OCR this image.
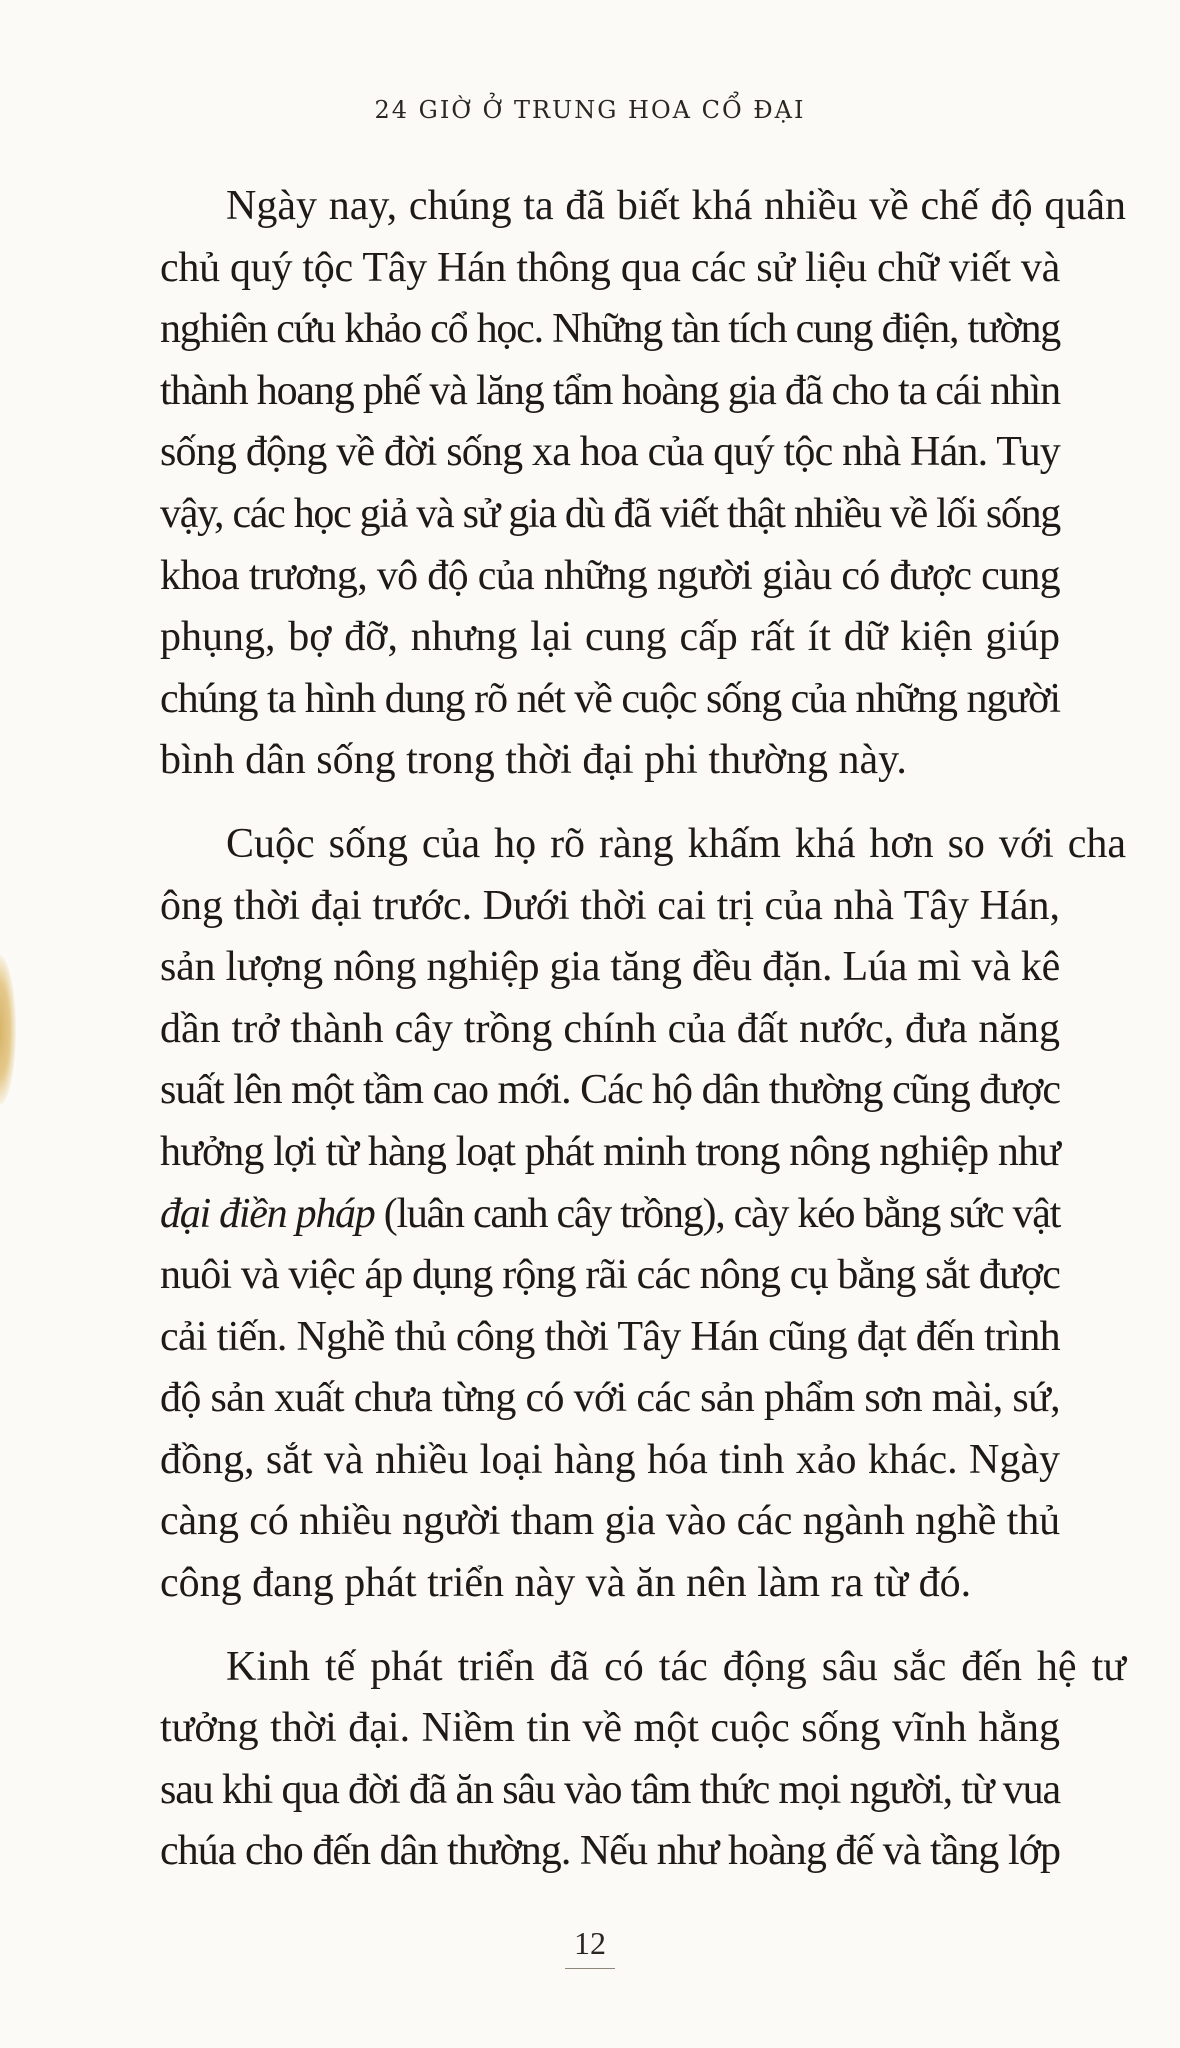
24 GIỜ Ở TRUNG HOA CỔ ĐẠI
Ngày nay, chúng ta đã biết khá nhiều về chế độ quân
chủ quý tộc Tây Hán thông qua các sử liệu chữ viết và
nghiên cứu khảo cổ học. Những tàn tích cung điện, tường
thành hoang phế và lăng tẩm hoàng gia đã cho ta cái nhìn
sống động về đời sống xa hoa của quý tộc nhà Hán. Tuy
vậy, các học giả và sử gia dù đã viết thật nhiều về lối sống
khoa trương, vô độ của những người giàu có được cung
phụng, bợ đỡ, nhưng lại cung cấp rất ít dữ kiện giúp
chúng ta hình dung rõ nét về cuộc sống của những người
bình dân sống trong thời đại phi thường này.
Cuộc sống của họ rõ ràng khấm khá hơn so với cha
ông thời đại trước. Dưới thời cai trị của nhà Tây Hán,
sản lượng nông nghiệp gia tăng đều đặn. Lúa mì và kê
dần trở thành cây trồng chính của đất nước, đưa năng
suất lên một tầm cao mới. Các hộ dân thường cũng được
hưởng lợi từ hàng loạt phát minh trong nông nghiệp như
đại điền pháp (luân canh cây trồng), cày kéo bằng sức vật
nuôi và việc áp dụng rộng rãi các nông cụ bằng sắt được
cải tiến. Nghề thủ công thời Tây Hán cũng đạt đến trình
độ sản xuất chưa từng có với các sản phẩm sơn mài, sứ,
đồng, sắt và nhiều loại hàng hóa tinh xảo khác. Ngày
càng có nhiều người tham gia vào các ngành nghề thủ
công đang phát triển này và ăn nên làm ra từ đó.
Kinh tế phát triển đã có tác động sâu sắc đến hệ tư
tưởng thời đại. Niềm tin về một cuộc sống vĩnh hằng
sau khi qua đời đã ăn sâu vào tâm thức mọi người, từ vua
chúa cho đến dân thường. Nếu như hoàng đế và tầng lớp
12
